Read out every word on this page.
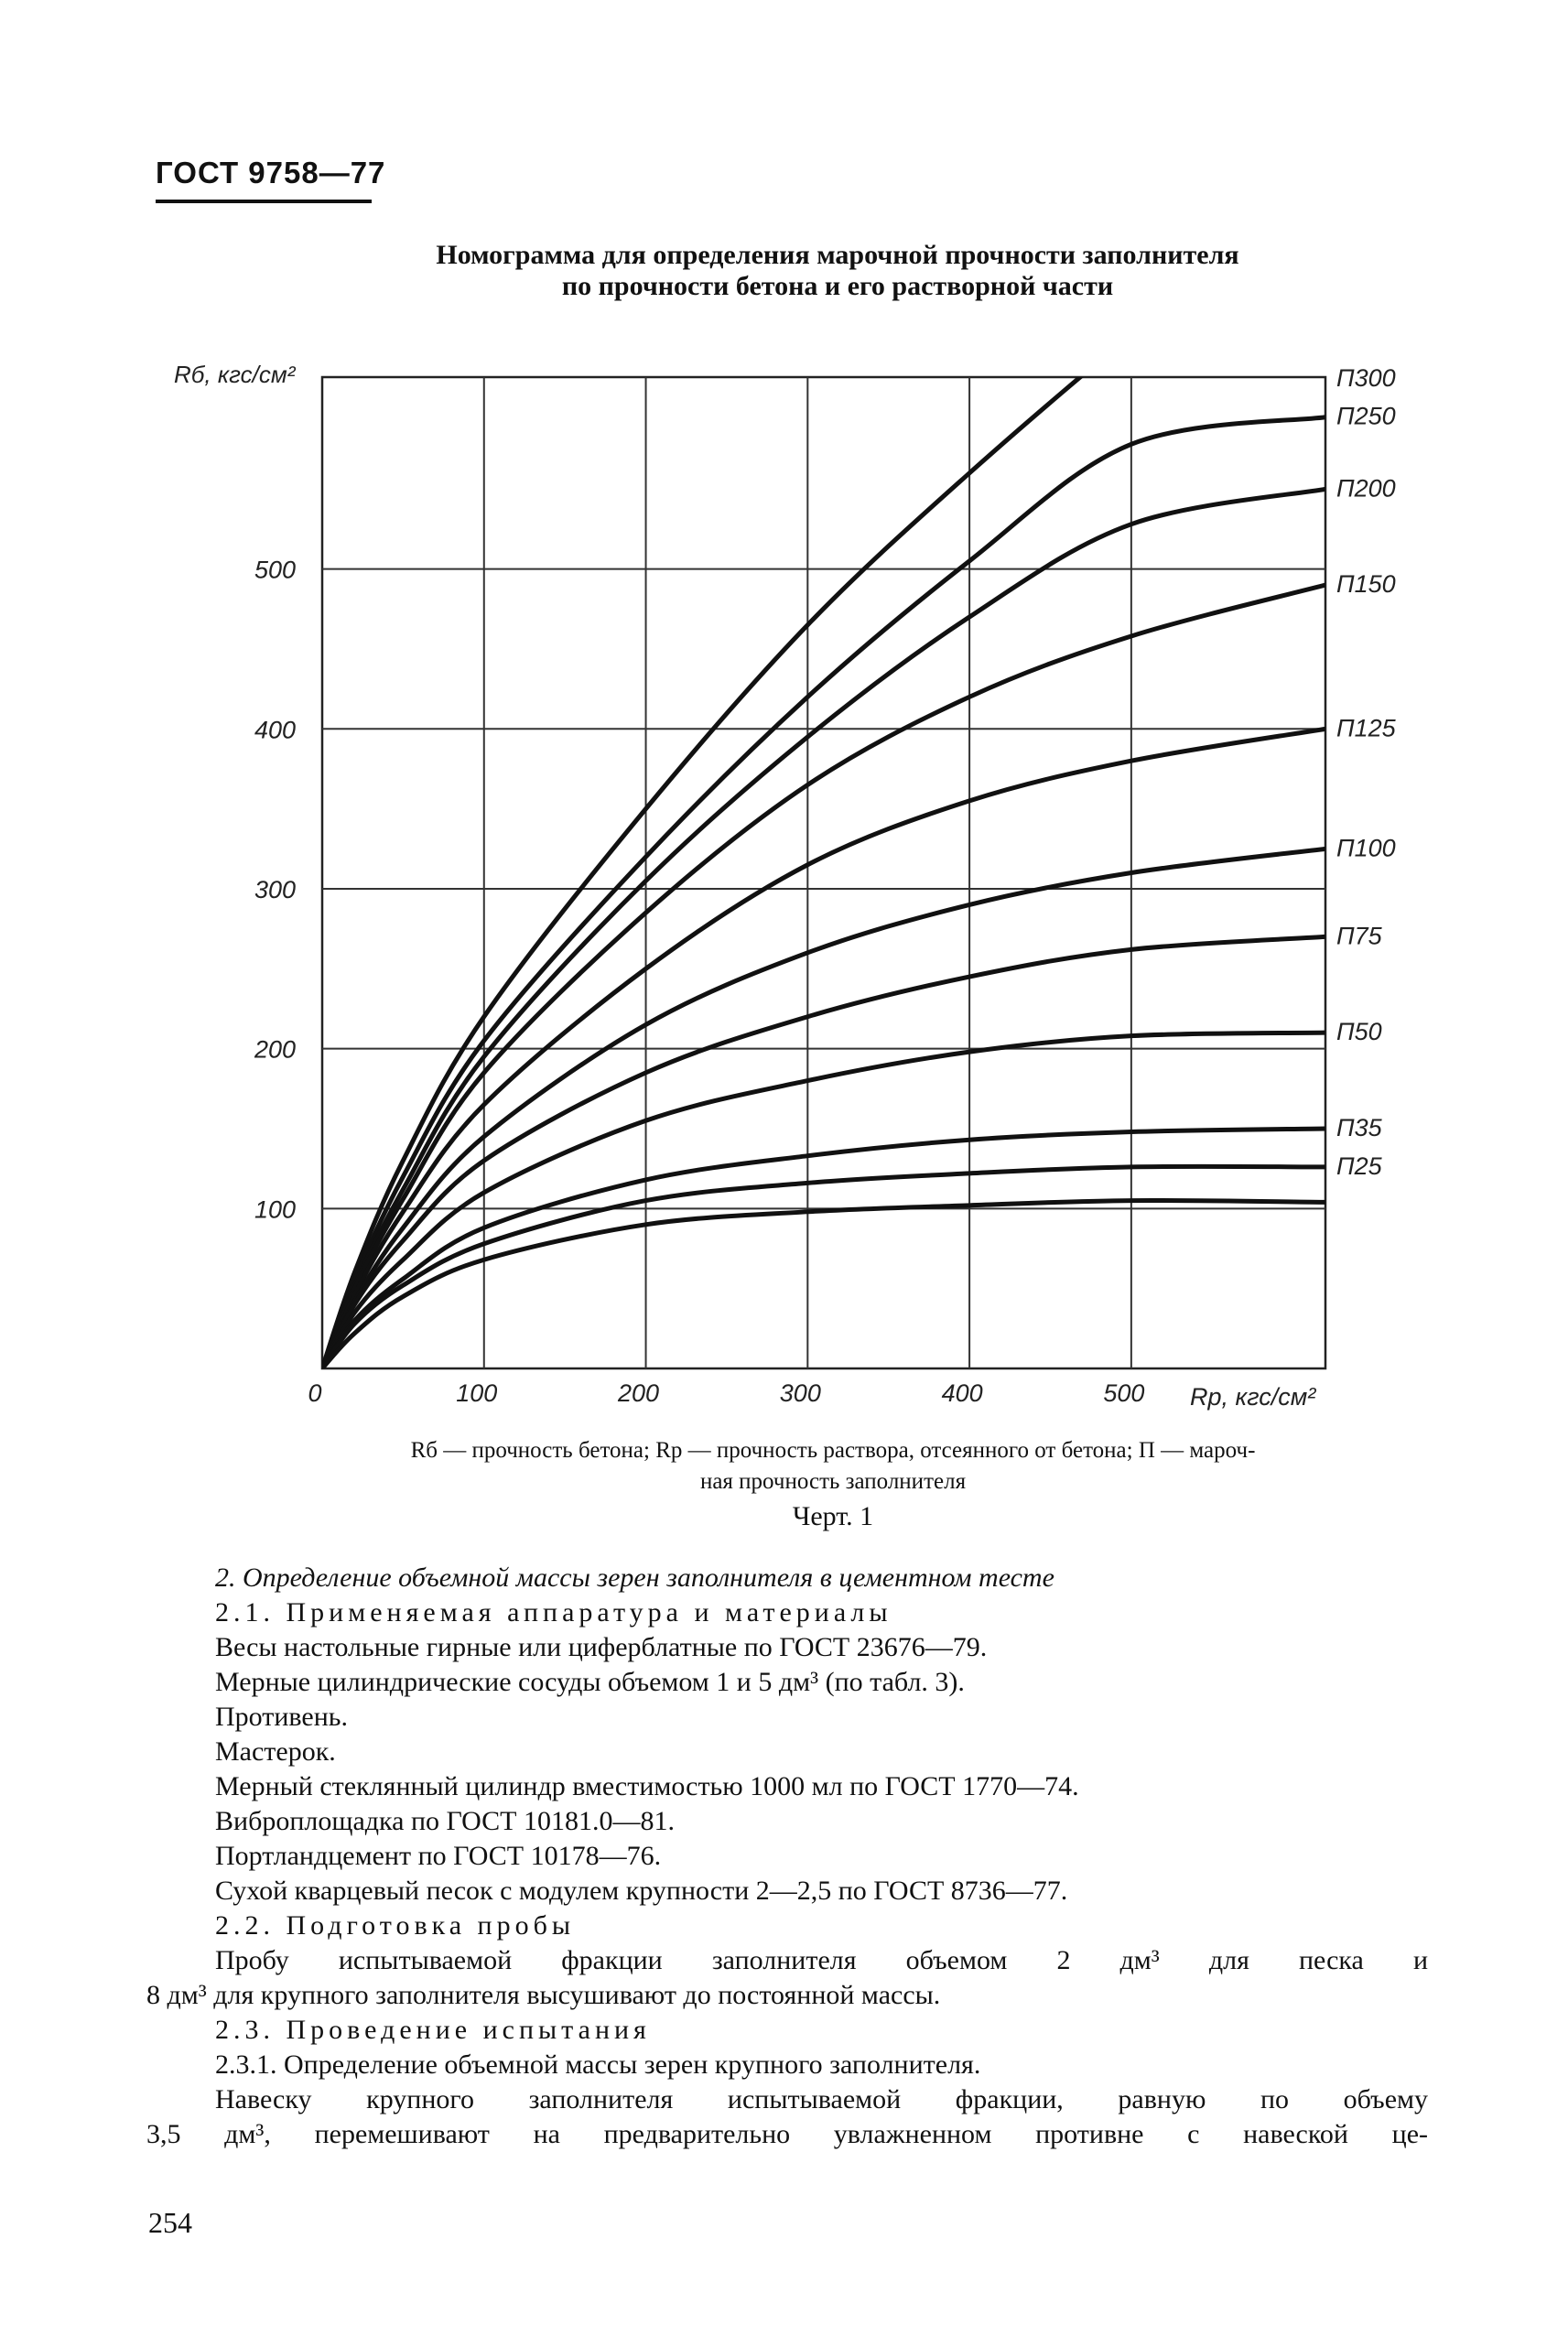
ГОСТ 9758—77
Номограмма для определения марочной прочности заполнителя
по прочности бетона и его растворной части
0	100	200	300	400	500
100
200
300
400
500
П300
П250
П200
П150
П125
П100
П75
П50
П35
П25
Rб, кгс/см²
Rp, кгс/см²
Rб — прочность бетона; Rр — прочность раствора, отсеянного от бетона; П — мароч-
ная прочность заполнителя
Черт. 1

2. Определение объемной массы зерен заполнителя в цементном тесте

2.1. Применяемая аппаратура и материалы

Весы настольные гирные или циферблатные по ГОСТ 23676—79.

Мерные цилиндрические сосуды объемом 1 и 5 дм³ (по табл. 3).

Противень.

Мастерок.

Мерный стеклянный цилиндр вместимостью 1000 мл по ГОСТ 1770—74.

Виброплощадка по ГОСТ 10181.0—81.

Портландцемент по ГОСТ 10178—76.

Сухой кварцевый песок с модулем крупности 2—2,5 по ГОСТ 8736—77.

2.2. Подготовка пробы

Пробу испытываемой фракции заполнителя объемом 2 дм³ для песка и

8 дм³ для крупного заполнителя высушивают до постоянной массы.

2.3. Проведение испытания

2.3.1. Определение объемной массы зерен крупного заполнителя.

Навеску крупного заполнителя испытываемой фракции, равную по объему

3,5 дм³, перемешивают на предварительно увлажненном противне с навеской це-

254
